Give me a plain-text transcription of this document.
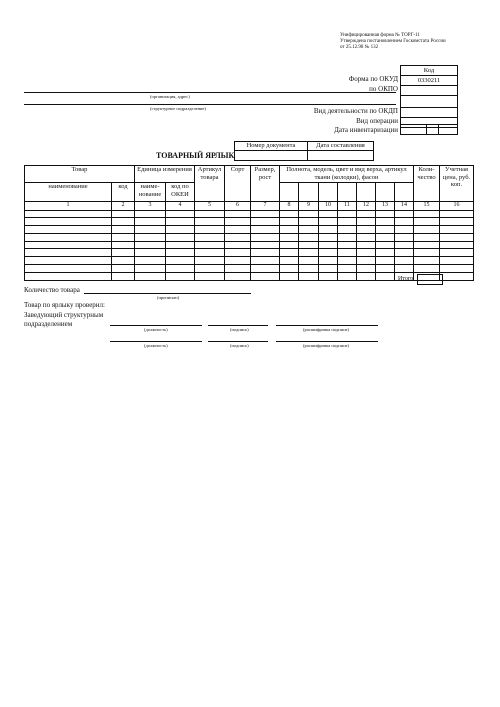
Унифицированная форма № ТОРГ-11
Утверждена постановлением Госкомстата России
от 25.12.98 № 132
Код
0330211

Форма по ОКУД
по ОКПО
Вид деятельности по ОКДП
Вид операции
Дата инвентаризации
(организация, адрес)
(структурное подразделение)
Номер документа	Дата составления

ТОВАРНЫЙ ЯРЛЫК
Товар		Единица измерения		Артикул товара	Сорт	Размер, рост	Полнота, модель, цвет и вид верха, артикул ткани (колодки), фасон							Коли-чество	Учетная цена, руб. коп.
наименование	код	наиме-нование	код по ОКЕИ												
1	2	3	4	5	6	7	8	9	10	11	12	13	14	15	16

Итого
Количество товара
(прописью)
Товар по ярлыку проверил:
Заведующий структурным
подразделением
(должность)	(подпись)	(расшифровка подписи)
(должность)	(подпись)	(расшифровка подписи)
